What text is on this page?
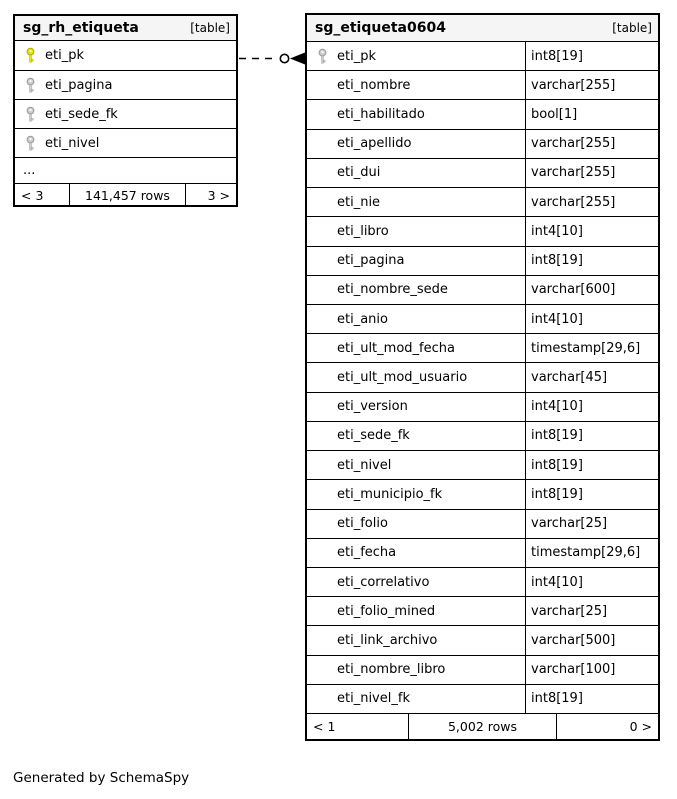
sg_rh_etiqueta	[table]
eti_pk
eti_pagina
eti_sede_fk
eti_nivel
...
< 3	141,457 rows	3 >
sg_etiqueta0604	[table]
eti_pk	int8[19]
eti_nombre	varchar[255]
eti_habilitado	bool[1]
eti_apellido	varchar[255]
eti_dui	varchar[255]
eti_nie	varchar[255]
eti_libro	int4[10]
eti_pagina	int8[19]
eti_nombre_sede	varchar[600]
eti_anio	int4[10]
eti_ult_mod_fecha	timestamp[29,6]
eti_ult_mod_usuario	varchar[45]
eti_version	int4[10]
eti_sede_fk	int8[19]
eti_nivel	int8[19]
eti_municipio_fk	int8[19]
eti_folio	varchar[25]
eti_fecha	timestamp[29,6]
eti_correlativo	int4[10]
eti_folio_mined	varchar[25]
eti_link_archivo	varchar[500]
eti_nombre_libro	varchar[100]
eti_nivel_fk	int8[19]
< 1	5,002 rows	0 >
Generated by SchemaSpy
